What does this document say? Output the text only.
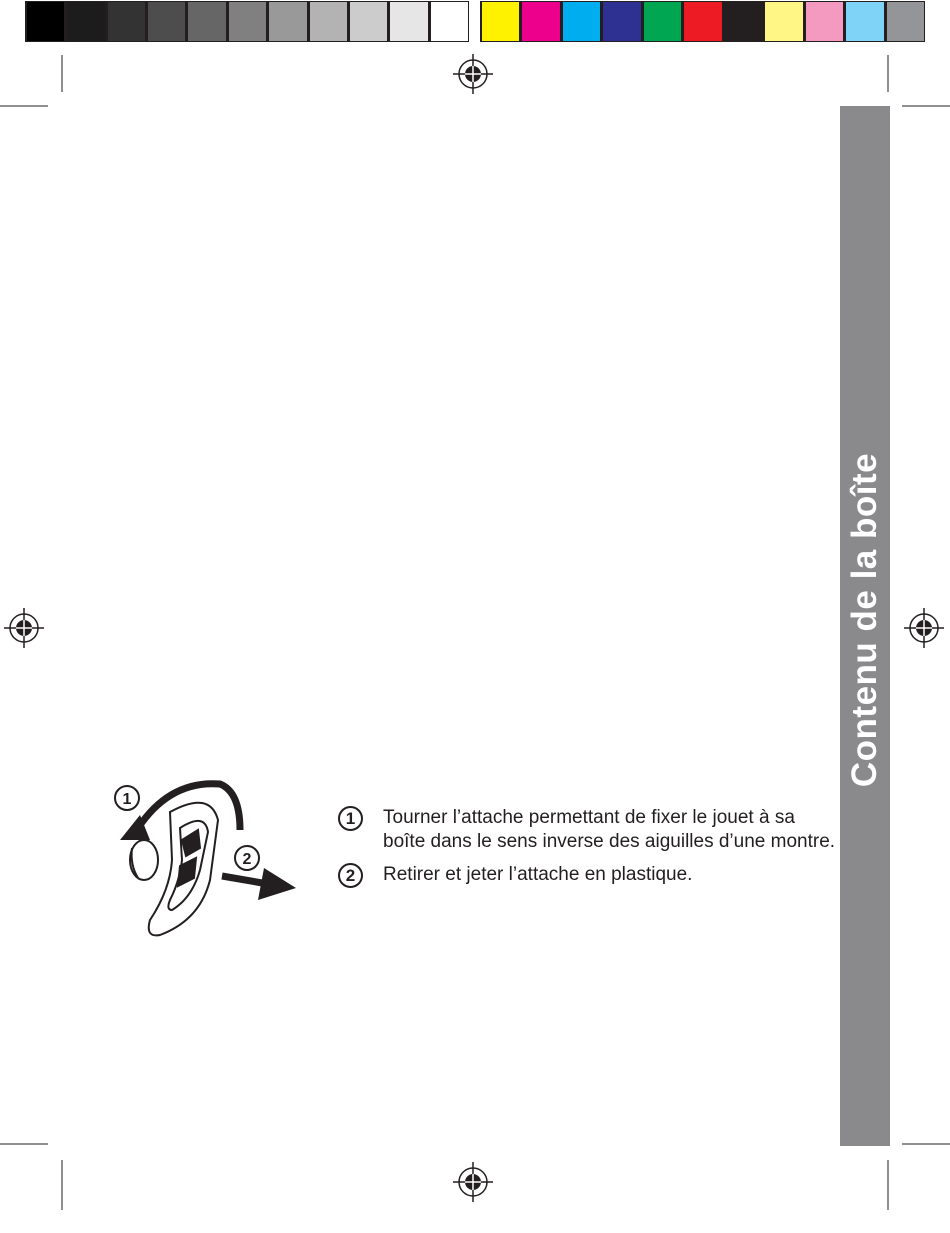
Contenu de la boîte
1
2
1	Tourner l’attache permettant de fixer le jouet à sa boîte dans le sens inverse des aiguilles d’une montre.
2	Retirer et jeter l’attache en plastique.
